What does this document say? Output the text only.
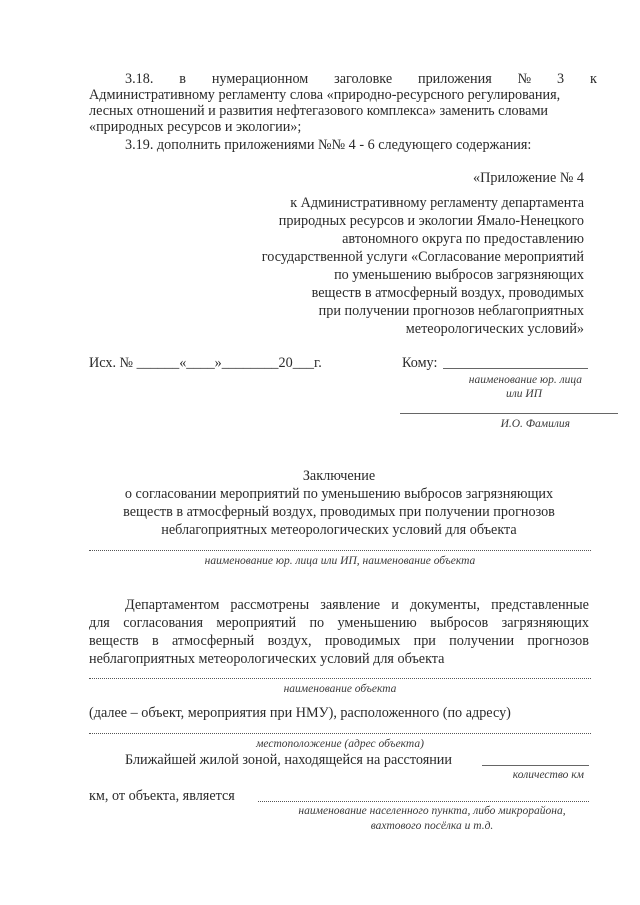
3.18. в нумерационном заголовке приложения № 3 к
Административному регламенту слова «природно-ресурсного регулирования,
лесных отношений и развития нефтегазового комплекса» заменить словами
«природных ресурсов и экологии»;
3.19. дополнить приложениями №№ 4 - 6 следующего содержания:
«Приложение № 4
к Административному регламенту департамента
природных ресурсов и экологии Ямало-Ненецкого
автономного округа по предоставлению
государственной услуги «Согласование мероприятий
по уменьшению выбросов загрязняющих
веществ в атмосферный воздух, проводимых
при получении прогнозов неблагоприятных
метеорологических условий»
Исх. № ______«____»________20___г.	Кому:
наименование юр. лица
или ИП
И.О. Фамилия
Заключение
о согласовании мероприятий по уменьшению выбросов загрязняющих
веществ в атмосферный воздух, проводимых при получении прогнозов
неблагоприятных метеорологических условий для объекта
наименование юр. лица или ИП, наименование объекта
Департаментом рассмотрены заявление и документы, представленные
для согласования мероприятий по уменьшению выбросов загрязняющих
веществ в атмосферный воздух, проводимых при получении прогнозов
неблагоприятных метеорологических условий для объекта
наименование объекта
(далее – объект, мероприятия при НМУ), расположенного (по адресу)
местоположение (адрес объекта)
Ближайшей жилой зоной, находящейся на расстоянии
количество км
км, от объекта, является
наименование населенного пункта, либо микрорайона,
вахтового посёлка и т.д.
